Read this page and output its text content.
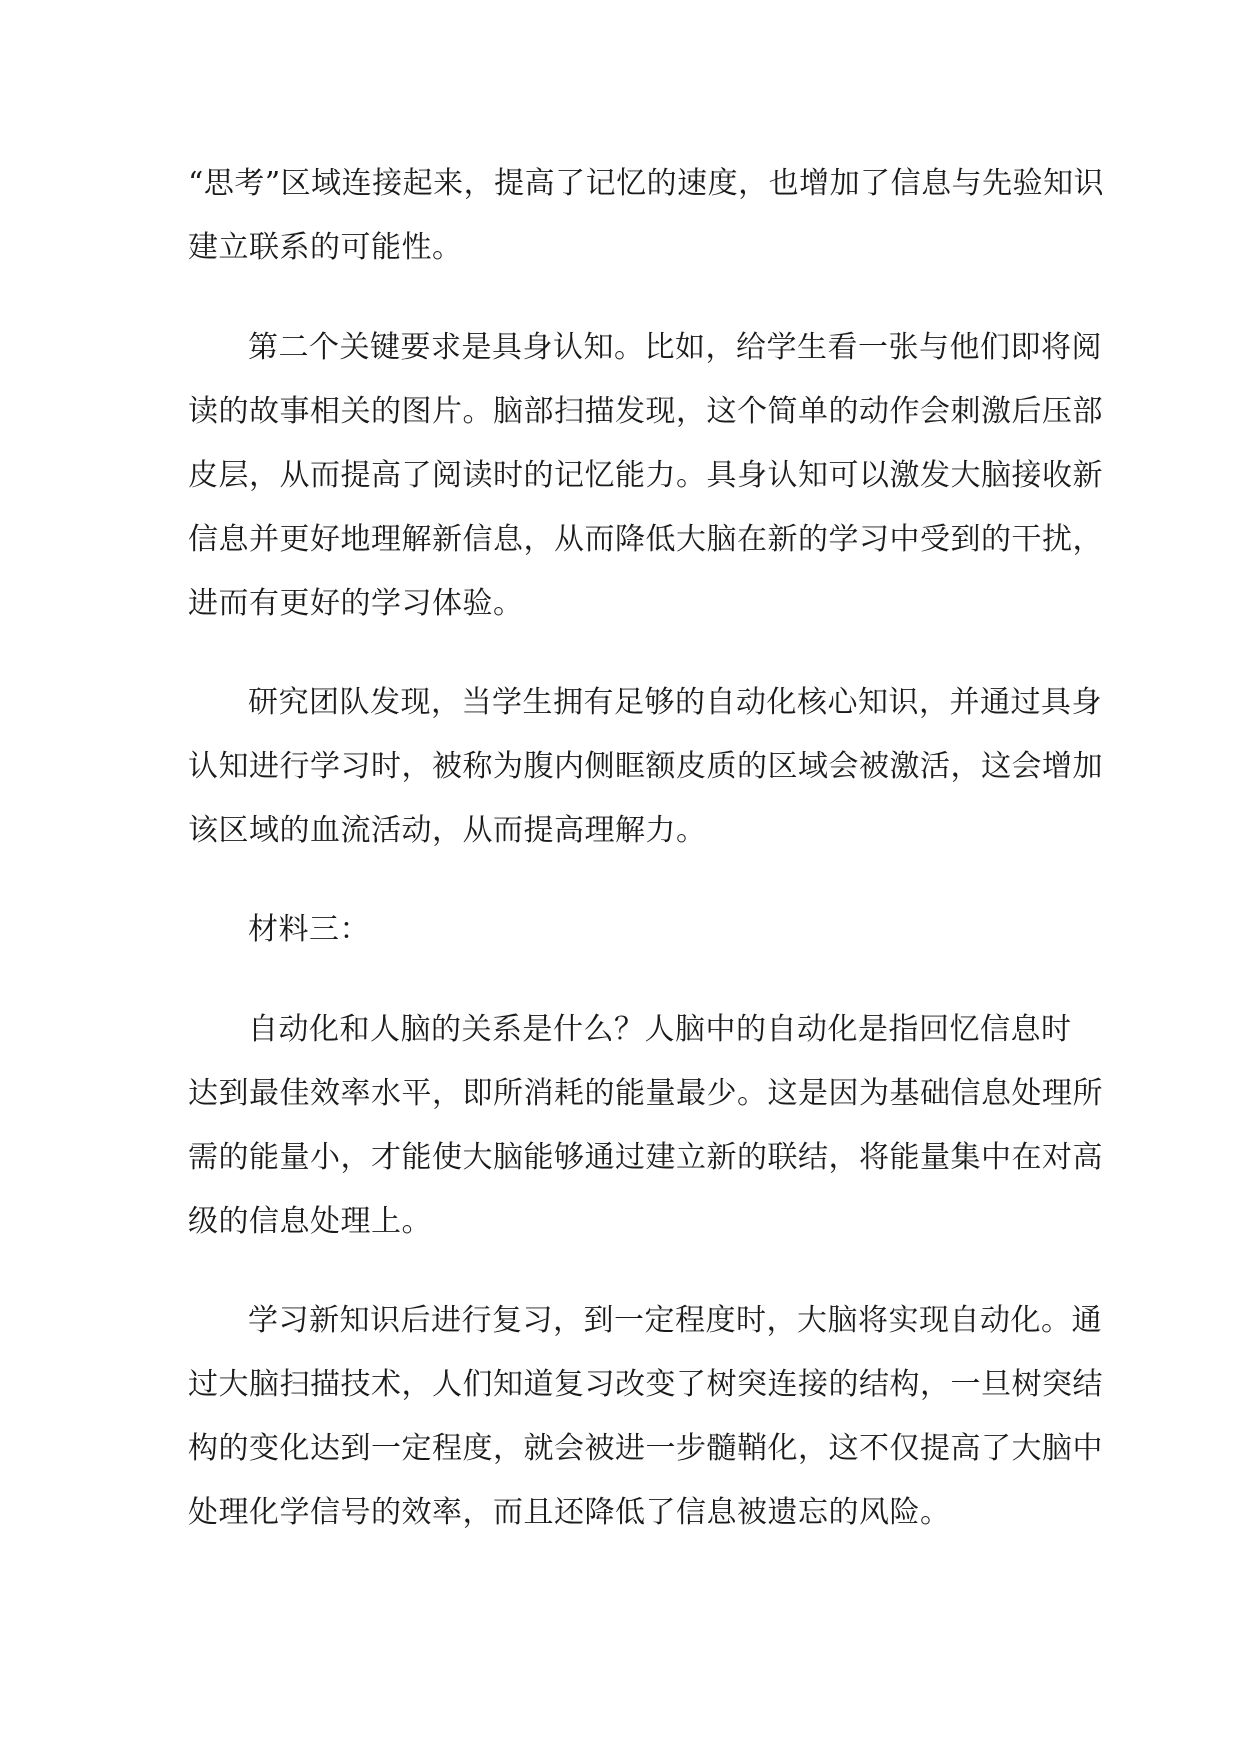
“思考”区域连接起来，提高了记忆的速度，也增加了信息与先验知识
建立联系的可能性。
第二个关键要求是具身认知。比如，给学生看一张与他们即将阅
读的故事相关的图片。脑部扫描发现，这个简单的动作会刺激后压部
皮层，从而提高了阅读时的记忆能力。具身认知可以激发大脑接收新
信息并更好地理解新信息，从而降低大脑在新的学习中受到的干扰，
进而有更好的学习体验。
研究团队发现，当学生拥有足够的自动化核心知识，并通过具身
认知进行学习时，被称为腹内侧眶额皮质的区域会被激活，这会增加
该区域的血流活动，从而提高理解力。
材料三：
自动化和人脑的关系是什么？人脑中的自动化是指回忆信息时
达到最佳效率水平，即所消耗的能量最少。这是因为基础信息处理所
需的能量小，才能使大脑能够通过建立新的联结，将能量集中在对高
级的信息处理上。
学习新知识后进行复习，到一定程度时，大脑将实现自动化。通
过大脑扫描技术，人们知道复习改变了树突连接的结构，一旦树突结
构的变化达到一定程度，就会被进一步髓鞘化，这不仅提高了大脑中
处理化学信号的效率，而且还降低了信息被遗忘的风险。
